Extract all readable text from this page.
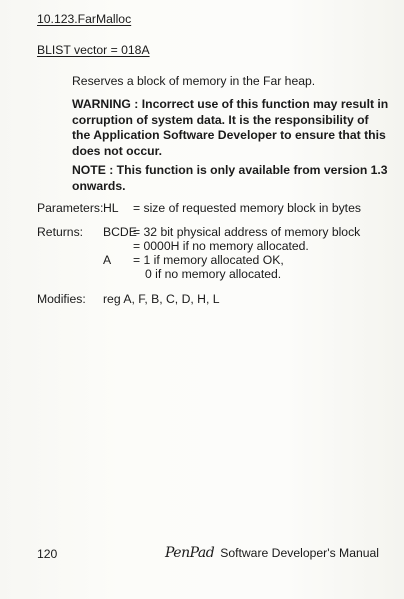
10.123.FarMalloc
BLIST vector = 018A
Reserves a block of memory in the Far heap.
WARNING : Incorrect use of this function may result in
corruption of system data. It is the responsibility of
the Application Software Developer to ensure that this
does not occur.
NOTE : This function is only available from version 1.3
onwards.
Parameters: HL = size of requested memory block in bytes
Returns: BCDE
= 32 bit physical address of memory block
= 0000H if no memory allocated.
A = 1 if memory allocated OK,
0 if no memory allocated.
Modifies: reg A, F, B, C, D, H, L
120	PenPad Software Developer's Manual
